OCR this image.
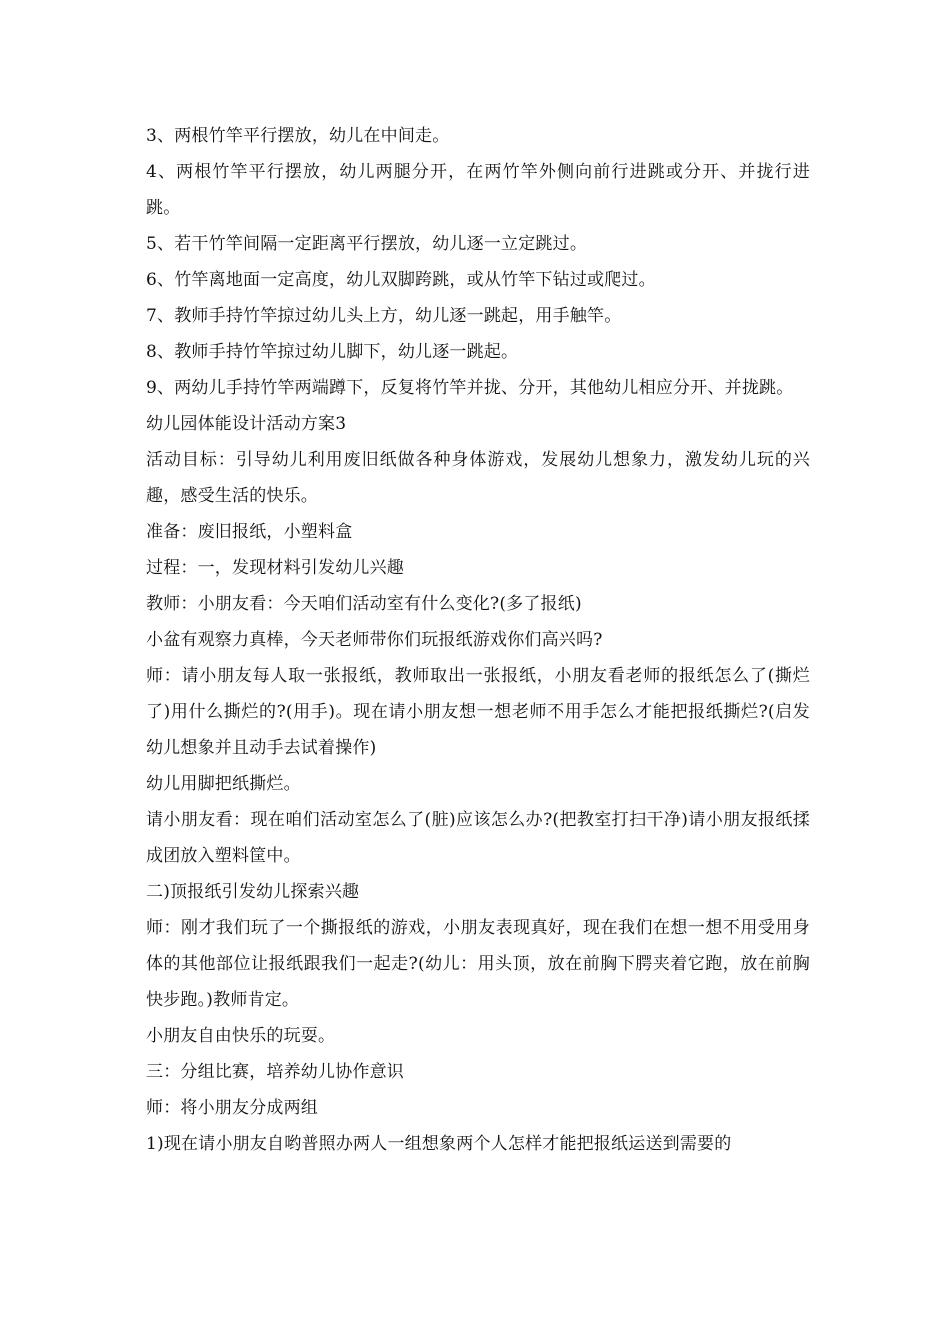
3、两根竹竿平行摆放，幼儿在中间走。

4、两根竹竿平行摆放，幼儿两腿分开，在两竹竿外侧向前行进跳或分开、并拢行进跳。

5、若干竹竿间隔一定距离平行摆放，幼儿逐一立定跳过。

6、竹竿离地面一定高度，幼儿双脚跨跳，或从竹竿下钻过或爬过。

7、教师手持竹竿掠过幼儿头上方，幼儿逐一跳起，用手触竿。

8、教师手持竹竿掠过幼儿脚下，幼儿逐一跳起。

9、两幼儿手持竹竿两端蹲下，反复将竹竿并拢、分开，其他幼儿相应分开、并拢跳。

幼儿园体能设计活动方案3

活动目标：引导幼儿利用废旧纸做各种身体游戏，发展幼儿想象力，激发幼儿玩的兴趣，感受生活的快乐。

准备：废旧报纸，小塑料盒

过程：一，发现材料引发幼儿兴趣

教师：小朋友看：今天咱们活动室有什么变化?(多了报纸)

小盆有观察力真棒，今天老师带你们玩报纸游戏你们高兴吗?

师：请小朋友每人取一张报纸，教师取出一张报纸，小朋友看老师的报纸怎么了(撕烂了)用什么撕烂的?(用手)。现在请小朋友想一想老师不用手怎么才能把报纸撕烂?(启发幼儿想象并且动手去试着操作)

幼儿用脚把纸撕烂。

请小朋友看：现在咱们活动室怎么了(脏)应该怎么办?(把教室打扫干净)请小朋友报纸揉成团放入塑料筐中。

二)顶报纸引发幼儿探索兴趣

师：刚才我们玩了一个撕报纸的游戏，小朋友表现真好，现在我们在想一想不用受用身体的其他部位让报纸跟我们一起走?(幼儿：用头顶，放在前胸下腭夹着它跑，放在前胸快步跑。)教师肯定。

小朋友自由快乐的玩耍。

三：分组比赛，培养幼儿协作意识

师：将小朋友分成两组

1)现在请小朋友自哟普照办两人一组想象两个人怎样才能把报纸运送到需要的
